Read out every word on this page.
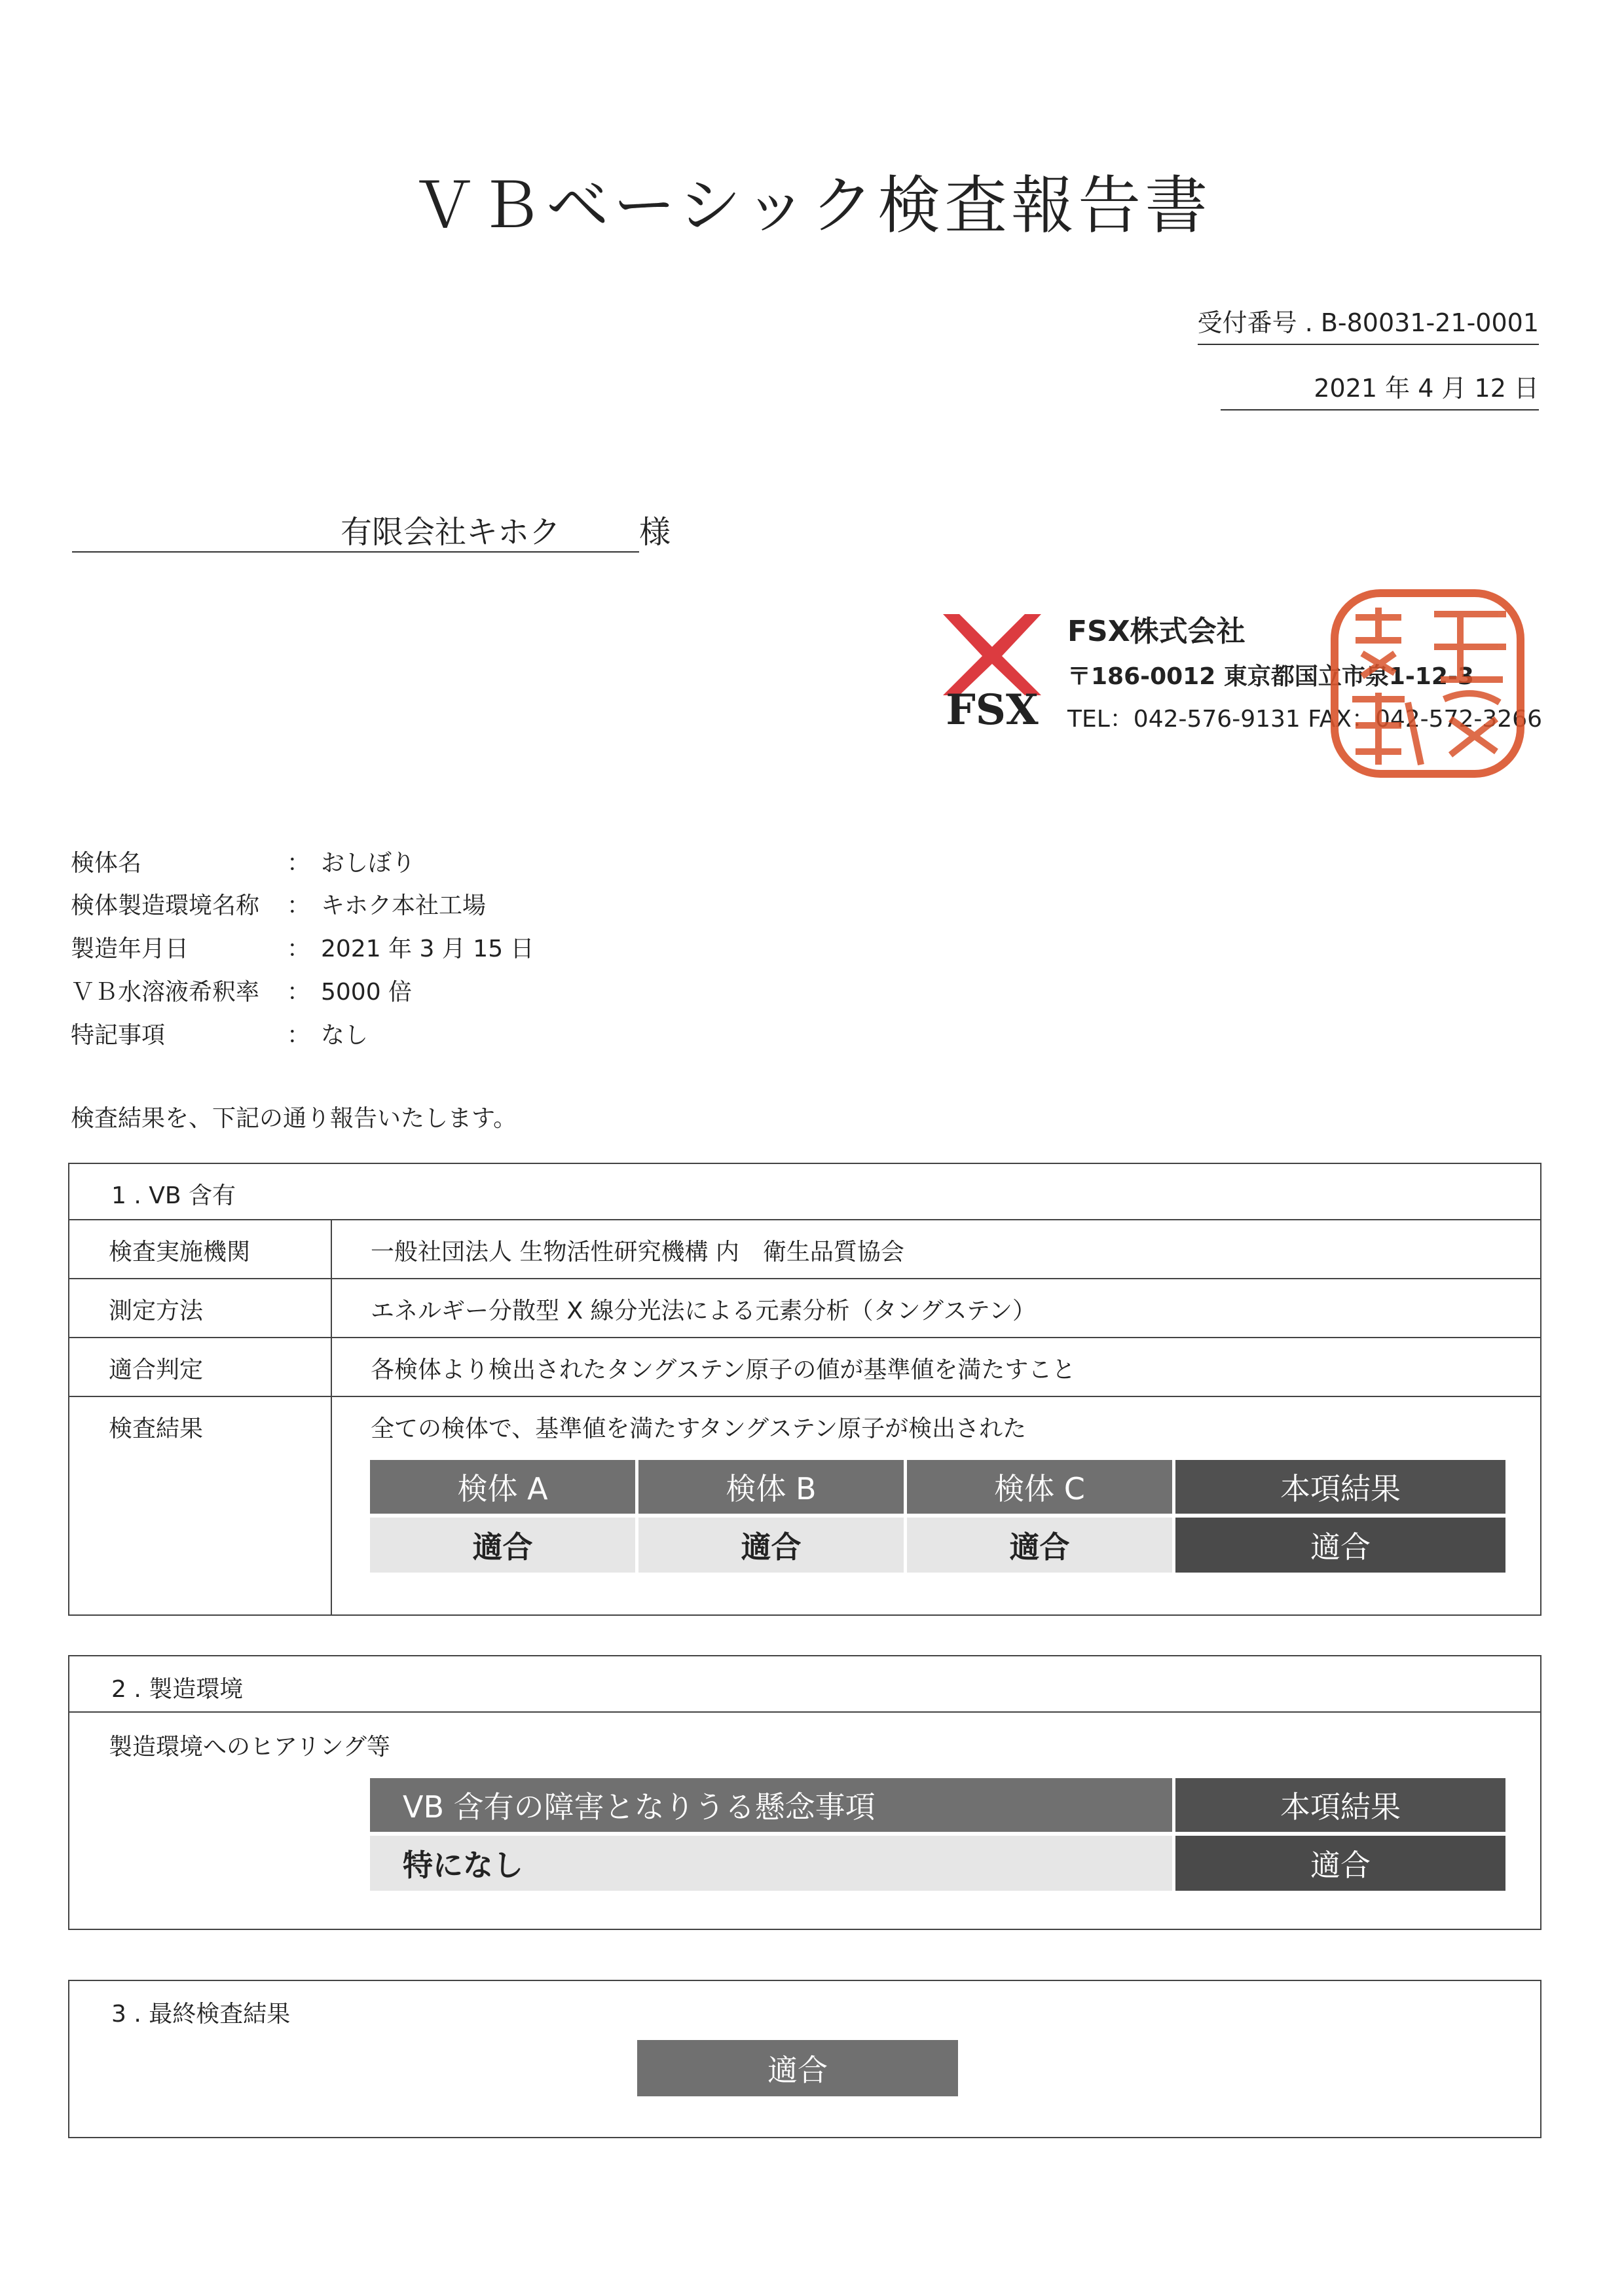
ＶＢベーシック検査報告書
受付番号 . B-80031-21-0001
2021 年 4 月 12 日
有限会社キホク 様
FSX
FSX株式会社
〒186-0012 東京都国立市泉1-12-3
TEL：042-576-9131 FAX：042-572-3266
検体名	： おしぼり
検体製造環境名称 ： キホク本社工場
製造年月日	： 2021 年 3 月 15 日
ＶＢ水溶液希釈率 ： 5000 倍
特記事項	： なし
検査結果を、下記の通り報告いたします。
1 . VB 含有
検査実施機関	一般社団法人 生物活性研究機構 内　衛生品質協会
測定方法	エネルギー分散型 X 線分光法による元素分析（タングステン）
適合判定	各検体より検出されたタングステン原子の値が基準値を満たすこと
検査結果	全ての検体で、基準値を満たすタングステン原子が検出された
検体 A	検体 B	検体 C	本項結果
適合	適合	適合	適合
2 . 製造環境
製造環境へのヒアリング等
VB 含有の障害となりうる懸念事項	本項結果
特になし	適合
3 . 最終検査結果
適合
